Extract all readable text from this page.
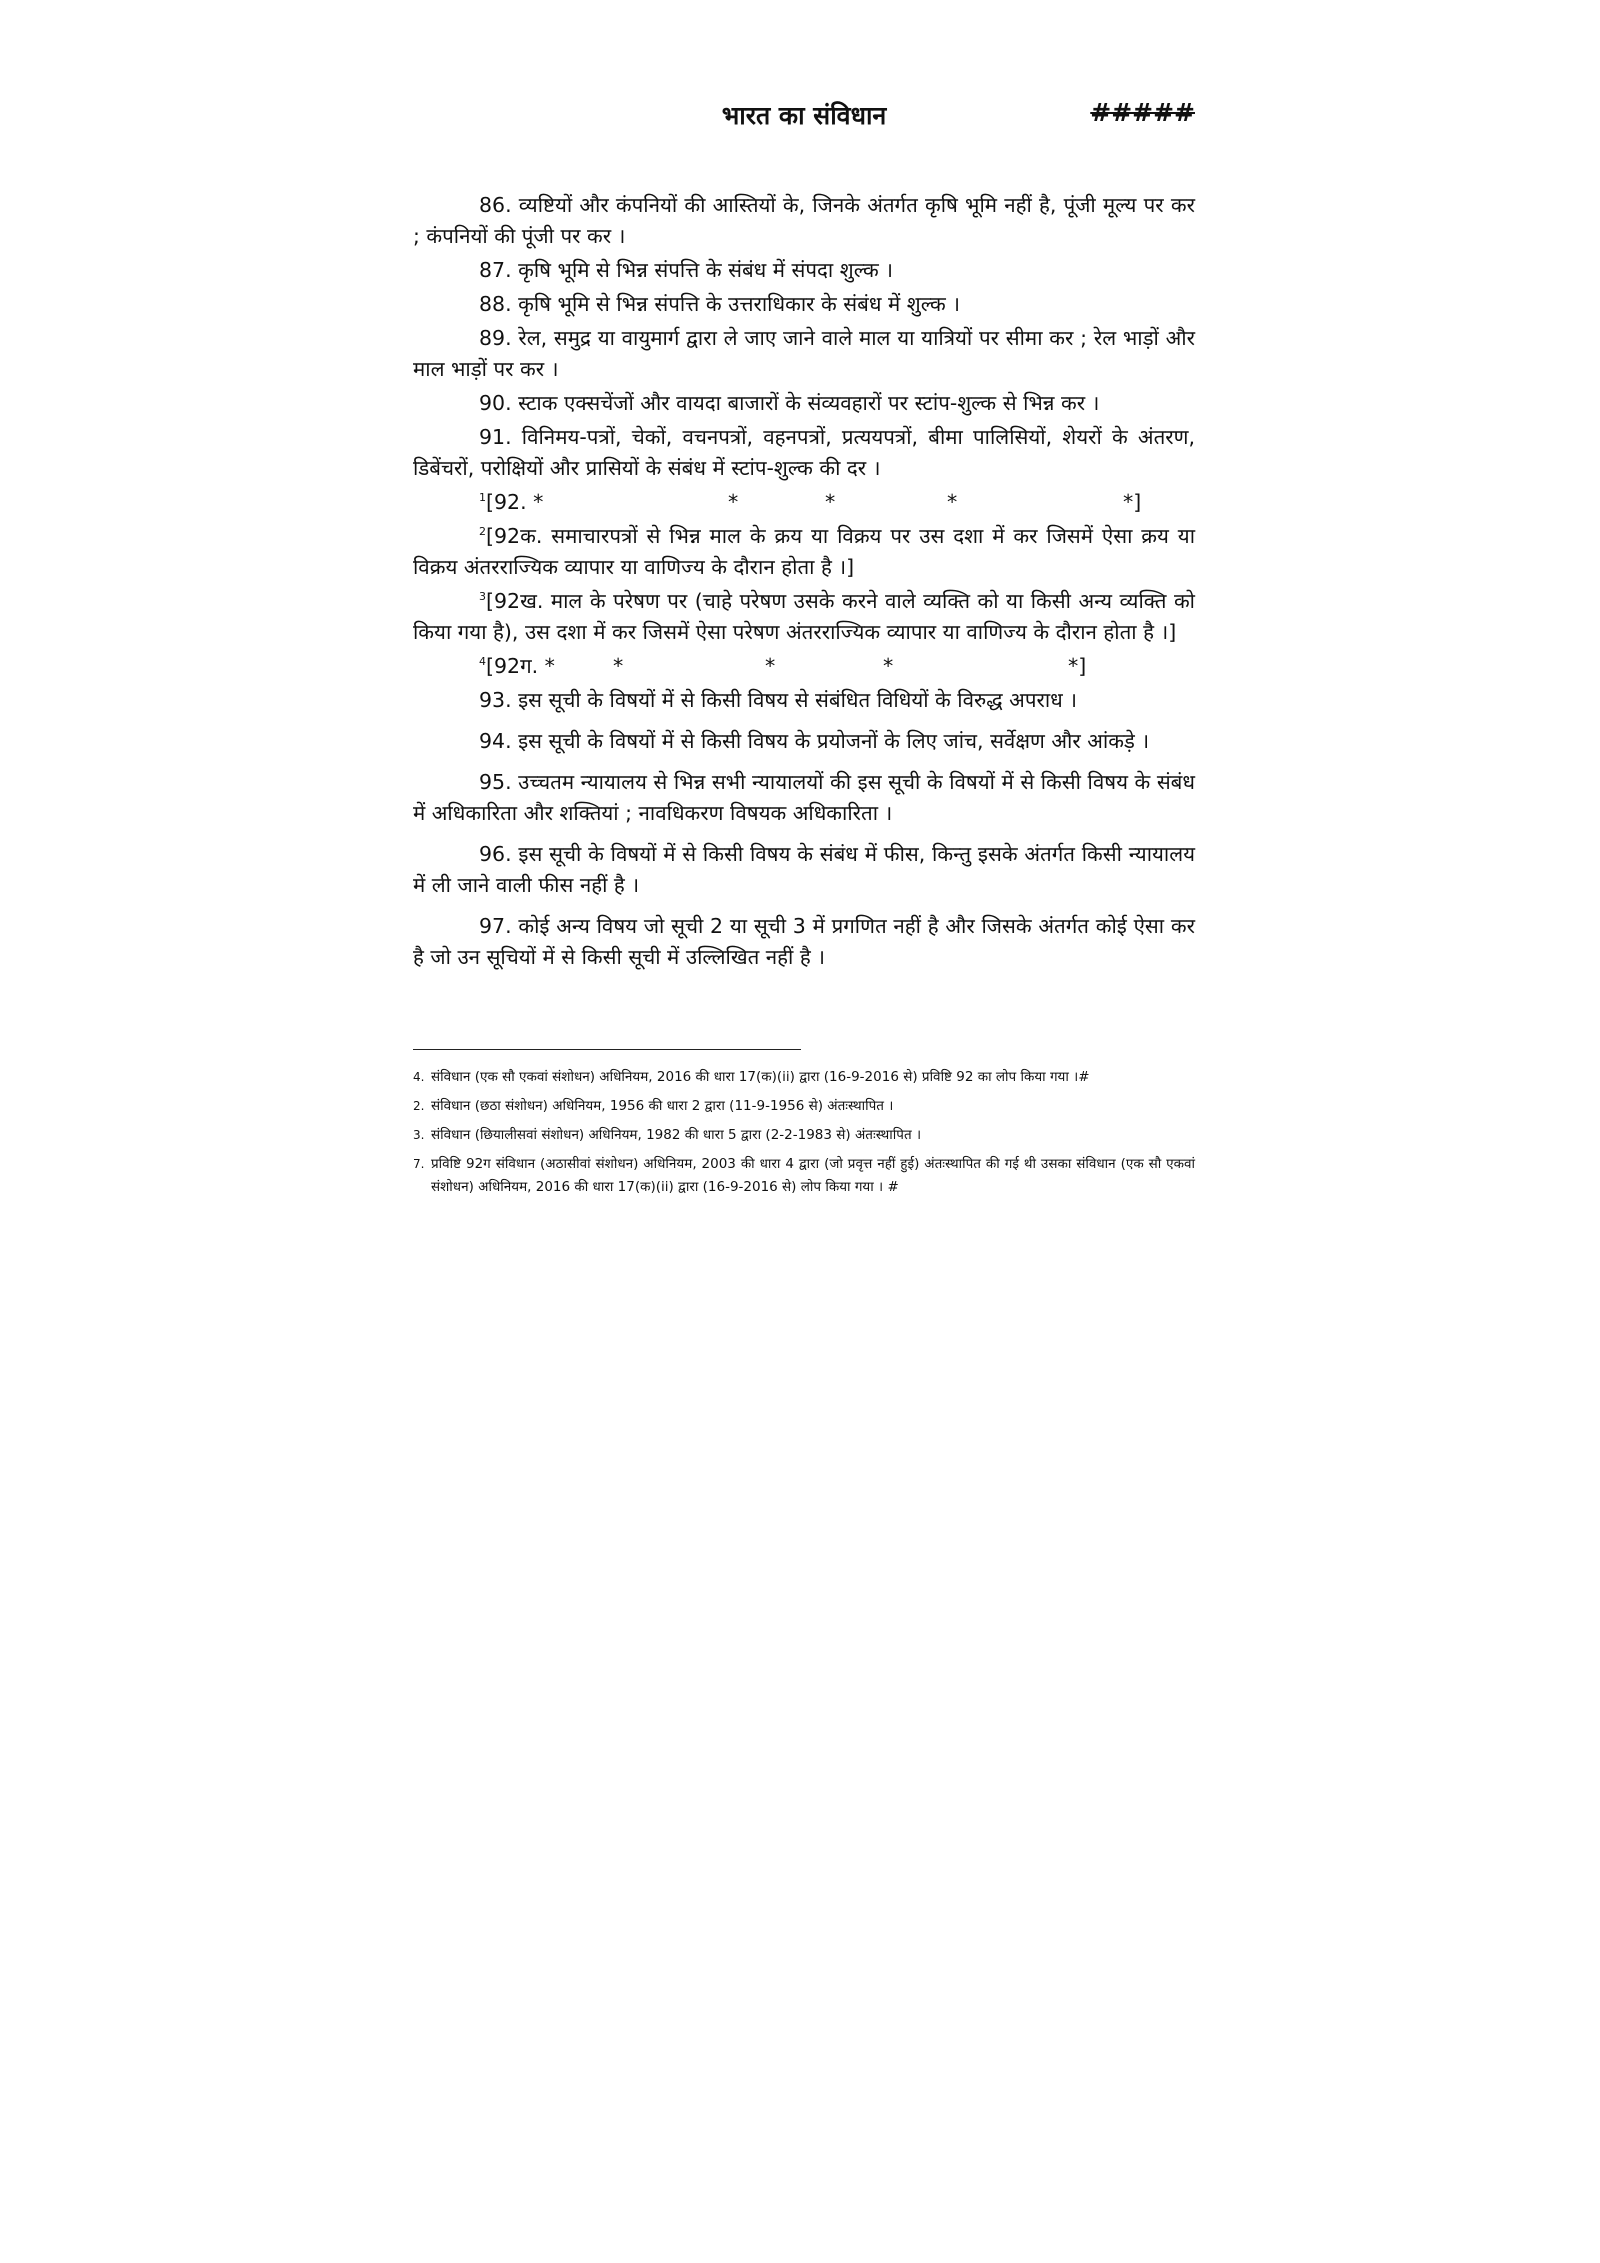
भारत का संविधान	#####

86. व्यष्टियों और कंपनियों की आस्तियों के, जिनके अंतर्गत कृषि भूमि नहीं है, पूंजी मूल्य पर कर ; कंपनियों की पूंजी पर कर ।

87. कृषि भूमि से भिन्न संपत्ति के संबंध में संपदा शुल्क ।

88. कृषि भूमि से भिन्न संपत्ति के उत्तराधिकार के संबंध में शुल्क ।

89. रेल, समुद्र या वायुमार्ग द्वारा ले जाए जाने वाले माल या यात्रियों पर सीमा कर ; रेल भाड़ों और माल भाड़ों पर कर ।

90. स्टाक एक्सचेंजों और वायदा बाजारों के संव्यवहारों पर स्टांप-शुल्क से भिन्न कर ।

91. विनिमय-पत्रों, चेकों, वचनपत्रों, वहनपत्रों, प्रत्ययपत्रों, बीमा पालिसियों, शेयरों के अंतरण, डिबेंचरों, परोक्षियों और प्रासियों के संबंध में स्टांप-शुल्क की दर ।

$^1$[92. *	*	*	*	*]

$^2$[92क. समाचारपत्रों से भिन्न माल के क्रय या विक्रय पर उस दशा में कर जिसमें ऐसा क्रय या विक्रय अंतरराज्यिक व्यापार या वाणिज्य के दौरान होता है ।]

$^3$[92ख. माल के परेषण पर (चाहे परेषण उसके करने वाले व्यक्ति को या किसी अन्य व्यक्ति को किया गया है), उस दशा में कर जिसमें ऐसा परेषण अंतरराज्यिक व्यापार या वाणिज्य के दौरान होता है ।]

$^4$[92ग. *	*	*	*	*]

93. इस सूची के विषयों में से किसी विषय से संबंधित विधियों के विरुद्ध अपराध ।

94. इस सूची के विषयों में से किसी विषय के प्रयोजनों के लिए जांच, सर्वेक्षण और आंकड़े ।

95. उच्चतम न्यायालय से भिन्न सभी न्यायालयों की इस सूची के विषयों में से किसी विषय के संबंध में अधिकारिता और शक्तियां ; नावधिकरण विषयक अधिकारिता ।

96. इस सूची के विषयों में से किसी विषय के संबंध में फीस, किन्तु इसके अंतर्गत किसी न्यायालय में ली जाने वाली फीस नहीं है ।

97. कोई अन्य विषय जो सूची 2 या सूची 3 में प्रगणित नहीं है और जिसके अंतर्गत कोई ऐसा कर है जो उन सूचियों में से किसी सूची में उल्लिखित नहीं है ।

4. संविधान (एक सौ एकवां संशोधन) अधिनियम, 2016 की धारा 17(क)(ii) द्वारा (16-9-2016 से) प्रविष्टि 92 का लोप किया गया ।#

2. संविधान (छठा संशोधन) अधिनियम, 1956 की धारा 2 द्वारा (11-9-1956 से) अंतःस्थापित ।

3. संविधान (छियालीसवां संशोधन) अधिनियम, 1982 की धारा 5 द्वारा (2-2-1983 से) अंतःस्थापित ।

7. प्रविष्टि 92ग संविधान (अठासीवां संशोधन) अधिनियम, 2003 की धारा 4 द्वारा (जो प्रवृत्त नहीं हुई) अंतःस्थापित की गई थी उसका संविधान (एक सौ एकवां संशोधन) अधिनियम, 2016 की धारा 17(क)(ii) द्वारा (16-9-2016 से) लोप किया गया । #
